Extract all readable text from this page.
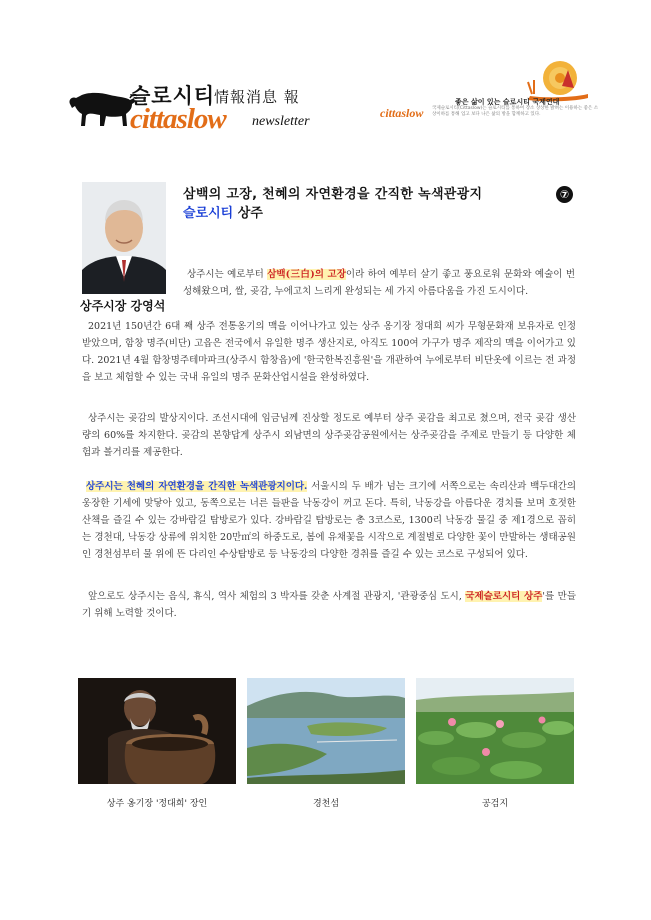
슬로시티
情報消息 報
cittaslow newsletter
좋은 삶이 있는 슬로시티 국제연대
cittaslow 국제슬로시티(Cittaslow)는 슬로시티를 통하여 장소 상상한 밝혀는 이용하는 좋은 소상이하를 통해 업고 보다 나은 삶의 방을 함께하고 있다.
상주시장 강영석
삼백의 고장, 천혜의 자연환경을 간직한 녹색관광지
슬로시티 상주
⑦
상주시는 예로부터 삼백(三白)의 고장이라 하여 예부터 살기 좋고 풍요로워 문화와 예술이 번성해왔으며, 쌀, 곶감, 누에고치 느리게 완성되는 세 가지 아름다움을 가진 도시이다.
2021년 150년간 6대 째 상주 전통옹기의 맥을 이어나가고 있는 상주 옹기장 정대희 씨가 무형문화재 보유자로 인정받았으며, 함창 명주(비단) 고읍은 전국에서 유일한 명주 생산지로, 아직도 100여 가구가 명주 제작의 맥을 이어가고 있다. 2021년 4월 함창명주테마파크(상주시 함창읍)에 '한국한복진흥원'을 개관하여 누에로부터 비단옷에 이르는 전 과정을 보고 체험할 수 있는 국내 유일의 명주 문화산업시설을 완성하였다.
상주시는 곶감의 발상지이다. 조선시대에 임금님께 진상할 정도로 예부터 상주 곶감을 최고로 쳤으며, 전국 곶감 생산량의 60%를 차지한다. 곶감의 본향답게 상주시 외남면의 상주곶감공원에서는 상주곶감을 주제로 만들기 등 다양한 체험과 볼거리를 제공한다.
상주시는 천혜의 자연환경을 간직한 녹색관광지이다. 서울시의 두 배가 넘는 크기에 서쪽으로는 속리산과 백두대간의 웅장한 기세에 맞닿아 있고, 동쪽으로는 너른 들판을 낙동강이 꺼고 돈다. 특히, 낙동강을 아름다운 경치를 보며 호젓한 산책을 즐길 수 있는 강바람길 탐방로가 있다. 강바람길 탐방로는 총 3코스로, 1300리 낙동강 물길 중 제1경으로 꼽히는 경천대, 낙동강 상류에 위치한 20만㎡의 하중도로, 봄에 유채꽃을 시작으로 계절별로 다양한 꽃이 만발하는 생태공원인 경천섬부터 물 위에 뜬 다리인 수상탐방로 등 낙동강의 다양한 경취를 즐길 수 있는 코스로 구성되어 있다.
앞으로도 상주시는 음식, 휴식, 역사 체험의 3 박자를 갖춘 사계절 관광지, '관광중심 도시, 국제슬로시티 상주'를 만들기 위해 노력할 것이다.
상주 옹기장 '정대희' 장인	경천섬	공검지
